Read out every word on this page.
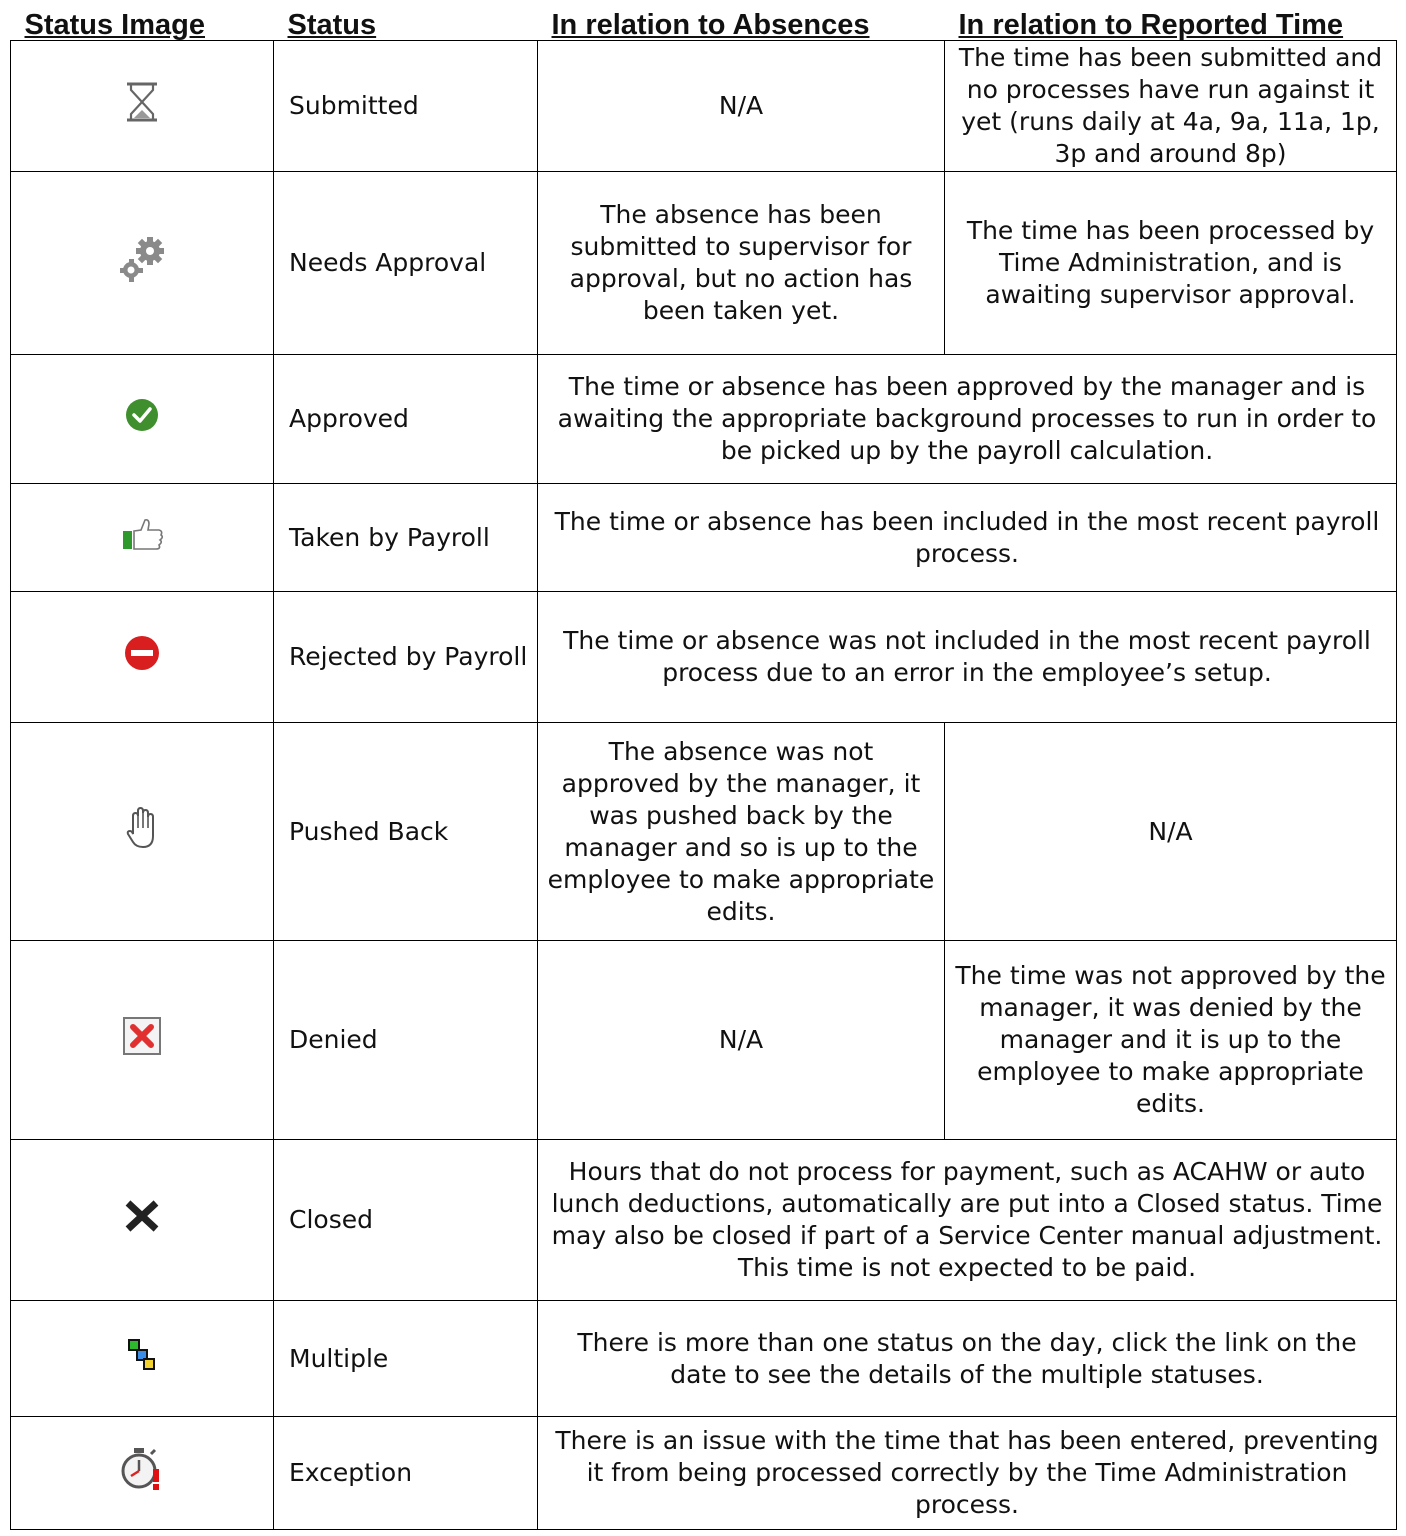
Status Image	Status	In relation to Absences	In relation to Reported Time
	Submitted	N/A	The time has been submitted and no processes have run against it yet (runs daily at 4a, 9a, 11a, 1p, 3p and around 8p)
	Needs Approval	The absence has been submitted to supervisor for approval, but no action has been taken yet.	The time has been processed by Time Administration, and is awaiting supervisor approval.
	Approved	The time or absence has been approved by the manager and is awaiting the appropriate background processes to run in order to be picked up by the payroll calculation.	
	Taken by Payroll	The time or absence has been included in the most recent payroll process.	
	Rejected by Payroll	The time or absence was not included in the most recent payroll process due to an error in the employee’s setup.	
	Pushed Back	The absence was not approved by the manager, it was pushed back by the manager and so is up to the employee to make appropriate edits.	N/A
	Denied	N/A	The time was not approved by the manager, it was denied by the manager and it is up to the employee to make appropriate edits.
	Closed	Hours that do not process for payment, such as ACAHW or auto lunch deductions, automatically are put into a Closed status. Time may also be closed if part of a Service Center manual adjustment. This time is not expected to be paid.	
	Multiple	There is more than one status on the day, click the link on the date to see the details of the multiple statuses.	
	Exception	There is an issue with the time that has been entered, preventing it from being processed correctly by the Time Administration process.	
